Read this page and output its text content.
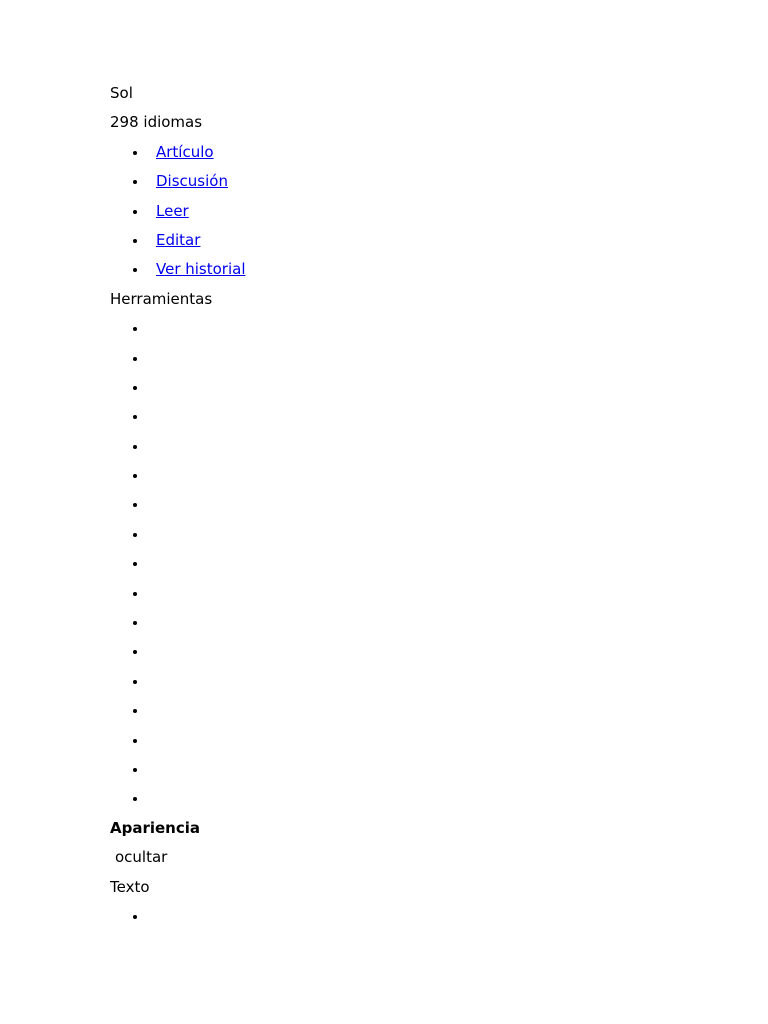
Sol
298 idiomas
Artículo
Discusión
Leer
Editar
Ver historial
Herramientas
Apariencia
ocultar
Texto
